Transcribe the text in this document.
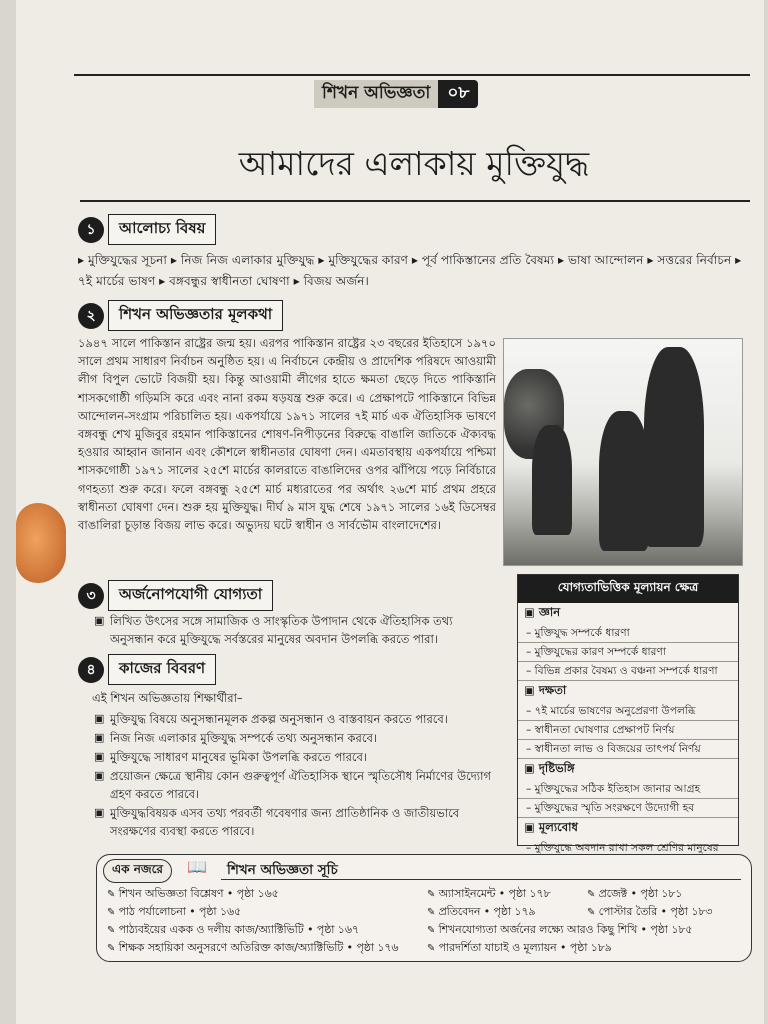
শিখন অভিজ্ঞতা	০৮
আমাদের এলাকায় মুক্তিযুদ্ধ
১	আলোচ্য বিষয়
▸ মুক্তিযুদ্ধের সূচনা ▸ নিজ নিজ এলাকার মুক্তিযুদ্ধ ▸ মুক্তিযুদ্ধের কারণ ▸ পূর্ব পাকিস্তানের প্রতি বৈষম্য ▸ ভাষা আন্দোলন ▸ সত্তরের নির্বাচন ▸ ৭ই মার্চের ভাষণ ▸ বঙ্গবন্ধুর স্বাধীনতা ঘোষণা ▸ বিজয় অর্জন।
২	শিখন অভিজ্ঞতার মূলকথা

১৯৪৭ সালে পাকিস্তান রাষ্ট্রের জন্ম হয়। এরপর পাকিস্তান রাষ্ট্রের ২৩ বছরের ইতিহাসে ১৯৭০ সালে প্রথম সাধারণ নির্বাচন অনুষ্ঠিত হয়। এ নির্বাচনে কেন্দ্রীয় ও প্রাদেশিক পরিষদে আওয়ামী লীগ বিপুল ভোটে বিজয়ী হয়। কিন্তু আওয়ামী লীগের হাতে ক্ষমতা ছেড়ে দিতে পাকিস্তানি শাসকগোষ্ঠী গড়িমসি করে এবং নানা রকম ষড়যন্ত্র শুরু করে। এ প্রেক্ষাপটে পাকিস্তানে বিভিন্ন আন্দোলন-সংগ্রাম পরিচালিত হয়। একপর্যায়ে ১৯৭১ সালের ৭ই মার্চ এক ঐতিহাসিক ভাষণে বঙ্গবন্ধু শেখ মুজিবুর রহমান পাকিস্তানের শোষণ-নিপীড়নের বিরুদ্ধে বাঙালি জাতিকে ঐক্যবদ্ধ হওয়ার আহ্বান জানান এবং কৌশলে স্বাধীনতার ঘোষণা দেন। এমতাবস্থায় একপর্যায়ে পশ্চিমা শাসকগোষ্ঠী ১৯৭১ সালের ২৫শে মার্চের কালরাতে বাঙালিদের ওপর ঝাঁপিয়ে পড়ে নির্বিচারে গণহত্যা শুরু করে। ফলে বঙ্গবন্ধু ২৫শে মার্চ মধ্যরাতের পর অর্থাৎ ২৬শে মার্চ প্রথম প্রহরে স্বাধীনতা ঘোষণা দেন। শুরু হয় মুক্তিযুদ্ধ। দীর্ঘ ৯ মাস যুদ্ধ শেষে ১৯৭১ সালের ১৬ই ডিসেম্বর বাঙালিরা চূড়ান্ত বিজয় লাভ করে। অভ্যুদয় ঘটে স্বাধীন ও সার্বভৌম বাংলাদেশের।

৩	অর্জনোপযোগী যোগ্যতা
▣ লিখিত উৎসের সঙ্গে সামাজিক ও সাংস্কৃতিক উপাদান থেকে ঐতিহাসিক তথ্য অনুসন্ধান করে মুক্তিযুদ্ধে সর্বস্তরের মানুষের অবদান উপলব্ধি করতে পারা।
৪	কাজের বিবরণ
এই শিখন অভিজ্ঞতায় শিক্ষার্থীরা–
▣ মুক্তিযুদ্ধ বিষয়ে অনুসন্ধানমূলক প্রকল্প অনুসন্ধান ও বাস্তবায়ন করতে পারবে।
▣ নিজ নিজ এলাকার মুক্তিযুদ্ধ সম্পর্কে তথ্য অনুসন্ধান করবে।
▣ মুক্তিযুদ্ধে সাধারণ মানুষের ভূমিকা উপলব্ধি করতে পারবে।
▣ প্রয়োজন ক্ষেত্রে স্থানীয় কোন গুরুত্বপূর্ণ ঐতিহাসিক স্থানে স্মৃতিসৌধ নির্মাণের উদ্যোগ গ্রহণ করতে পারবে।
▣ মুক্তিযুদ্ধবিষয়ক এসব তথ্য পরবর্তী গবেষণার জন্য প্রাতিষ্ঠানিক ও জাতীয়ভাবে সংরক্ষণের ব্যবস্থা করতে পারবে।
যোগ্যতাভিত্তিক মূল্যায়ন ক্ষেত্র
▣ জ্ঞান
– মুক্তিযুদ্ধ সম্পর্কে ধারণা
– মুক্তিযুদ্ধের কারণ সম্পর্কে ধারণা
– বিভিন্ন প্রকার বৈষম্য ও বঞ্চনা সম্পর্কে ধারণা
▣ দক্ষতা
– ৭ই মার্চের ভাষণের অনুপ্রেরণা উপলব্ধি
– স্বাধীনতা ঘোষণার প্রেক্ষাপট নির্ণয়
– স্বাধীনতা লাভ ও বিজয়ের তাৎপর্য নির্ণয়
▣ দৃষ্টিভঙ্গি
– মুক্তিযুদ্ধের সঠিক ইতিহাস জানার আগ্রহ
– মুক্তিযুদ্ধের স্মৃতি সংরক্ষণে উদ্যোগী হব
▣ মূল্যবোধ
– মুক্তিযুদ্ধে অবদান রাখা সকল শ্রেণির মানুষের
এক নজরে	📖 শিখন অভিজ্ঞতা সূচি
✎ শিখন অভিজ্ঞতা বিশ্লেষণ • পৃষ্ঠা ১৬৫
✎ পাঠ পর্যালোচনা • পৃষ্ঠা ১৬৫
✎ পাঠ্যবইয়ের একক ও দলীয় কাজ/অ্যাক্টিভিটি • পৃষ্ঠা ১৬৭
✎ শিক্ষক সহায়িকা অনুসরণে অতিরিক্ত কাজ/অ্যাক্টিভিটি • পৃষ্ঠা ১৭৬
✎ অ্যাসাইনমেন্ট • পৃষ্ঠা ১৭৮
✎ প্রতিবেদন • পৃষ্ঠা ১৭৯
✎ শিখনযোগ্যতা অর্জনের লক্ষ্যে আরও কিছু শিখি • পৃষ্ঠা ১৮৫
✎ পারদর্শিতা যাচাই ও মূল্যায়ন • পৃষ্ঠা ১৮৯
✎ প্রজেক্ট • পৃষ্ঠা ১৮১
✎ পোস্টার তৈরি • পৃষ্ঠা ১৮৩
